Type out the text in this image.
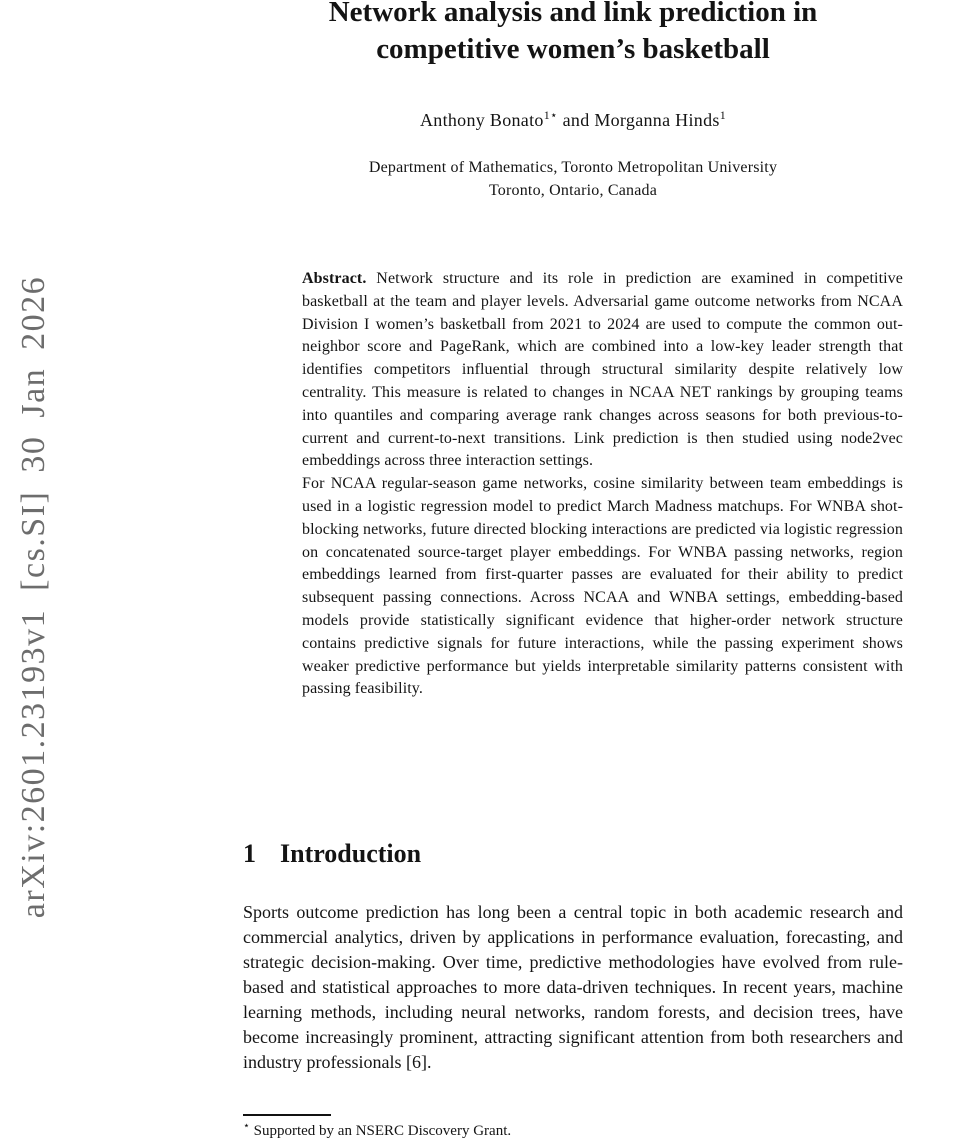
arXiv:2601.23193v1 [cs.SI] 30 Jan 2026
Network analysis and link prediction in competitive women’s basketball
Anthony Bonato$^{1⋆}$ and Morganna Hinds$^1$
Department of Mathematics, Toronto Metropolitan University
Toronto, Ontario, Canada

Abstract. Network structure and its role in prediction are examined in competitive basketball at the team and player levels. Adversarial game outcome networks from NCAA Division I women’s basketball from 2021 to 2024 are used to compute the common out-neighbor score and PageRank, which are combined into a low-key leader strength that identifies competitors influential through structural similarity despite relatively low centrality. This measure is related to changes in NCAA NET rankings by grouping teams into quantiles and comparing average rank changes across seasons for both previous-to-current and current-to-next transitions. Link prediction is then studied using node2vec embeddings across three interaction settings.

For NCAA regular-season game networks, cosine similarity between team embeddings is used in a logistic regression model to predict March Madness matchups. For WNBA shot-blocking networks, future directed blocking interactions are predicted via logistic regression on concatenated source-target player embeddings. For WNBA passing networks, region embeddings learned from first-quarter passes are evaluated for their ability to predict subsequent passing connections. Across NCAA and WNBA settings, embedding-based models provide statistically significant evidence that higher-order network structure contains predictive signals for future interactions, while the passing experiment shows weaker predictive performance but yields interpretable similarity patterns consistent with passing feasibility.

1 Introduction

Sports outcome prediction has long been a central topic in both academic research and commercial analytics, driven by applications in performance evaluation, forecasting, and strategic decision-making. Over time, predictive methodologies have evolved from rule-based and statistical approaches to more data-driven techniques. In recent years, machine learning methods, including neural networks, random forests, and decision trees, have become increasingly prominent, attracting significant attention from both researchers and industry professionals [6].

⋆ Supported by an NSERC Discovery Grant.
